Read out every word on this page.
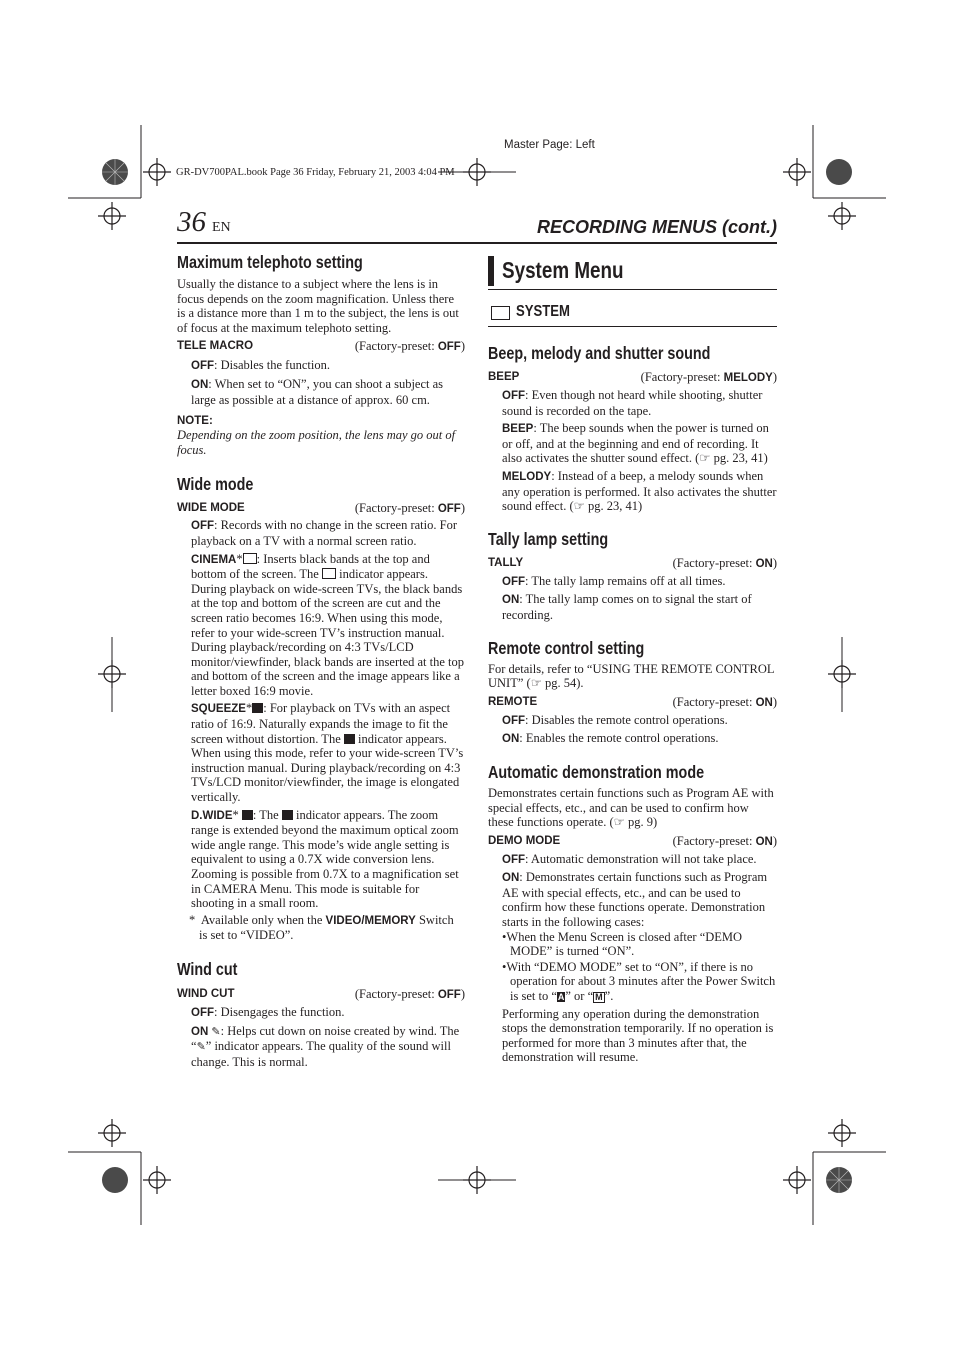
Master Page: Left
GR-DV700PAL.book Page 36 Friday, February 21, 2003 4:04 PM
36 EN	RECORDING MENUS (cont.)
Maximum telephoto setting

Usually the distance to a subject where the lens is in focus depends on the zoom magnification. Unless there is a distance more than 1 m to the subject, the lens is out of focus at the maximum telephoto setting.

TELE MACRO	(Factory-preset: OFF)

OFF: Disables the function.

ON: When set to “ON”, you can shoot a subject as large as possible at a distance of approx. 60 cm.

NOTE:

Depending on the zoom position, the lens may go out of focus.

Wide mode
WIDE MODE	(Factory-preset: OFF)

OFF: Records with no change in the screen ratio. For playback on a TV with a normal screen ratio.

CINEMA* : Inserts black bands at the top and bottom of the screen. The indicator appears. During playback on wide-screen TVs, the black bands at the top and bottom of the screen are cut and the screen ratio becomes 16:9. When using this mode, refer to your wide-screen TV’s instruction manual. During playback/recording on 4:3 TVs/LCD monitor/viewfinder, black bands are inserted at the top and bottom of the screen and the image appears like a letter boxed 16:9 movie.

SQUEEZE* : For playback on TVs with an aspect ratio of 16:9. Naturally expands the image to fit the screen without distortion. The indicator appears. When using this mode, refer to your wide-screen TV’s instruction manual. During playback/recording on 4:3 TVs/LCD monitor/viewfinder, the image is elongated vertically.

D.WIDE* : The indicator appears. The zoom range is extended beyond the maximum optical zoom wide angle range. This mode’s wide angle setting is equivalent to using a 0.7X wide conversion lens. Zooming is possible from 0.7X to a magnification set in CAMERA Menu. This mode is suitable for shooting in a small room.

* Available only when the VIDEO/MEMORY Switch is set to “VIDEO”.

Wind cut
WIND CUT	(Factory-preset: OFF)

OFF: Disengages the function.

ON ✎: Helps cut down on noise created by wind. The “✎” indicator appears. The quality of the sound will change. This is normal.

System Menu
SYSTEM
Beep, melody and shutter sound
BEEP	(Factory-preset: MELODY)

OFF: Even though not heard while shooting, shutter sound is recorded on the tape.

BEEP: The beep sounds when the power is turned on or off, and at the beginning and end of recording. It also activates the shutter sound effect. (☞ pg. 23, 41)

MELODY: Instead of a beep, a melody sounds when any operation is performed. It also activates the shutter sound effect. (☞ pg. 23, 41)

Tally lamp setting
TALLY	(Factory-preset: ON)

OFF: The tally lamp remains off at all times.

ON: The tally lamp comes on to signal the start of recording.

Remote control setting

For details, refer to “USING THE REMOTE CONTROL UNIT” (☞ pg. 54).

REMOTE	(Factory-preset: ON)

OFF: Disables the remote control operations.

ON: Enables the remote control operations.

Automatic demonstration mode

Demonstrates certain functions such as Program AE with special effects, etc., and can be used to confirm how these functions operate. (☞ pg. 9)

DEMO MODE	(Factory-preset: ON)

OFF: Automatic demonstration will not take place.

ON: Demonstrates certain functions such as Program AE with special effects, etc., and can be used to confirm how these functions operate. Demonstration starts in the following cases:

•When the Menu Screen is closed after “DEMO MODE” is turned “ON”.

•With “DEMO MODE” set to “ON”, if there is no operation for about 3 minutes after the Power Switch is set to “A” or “ M ”.

Performing any operation during the demonstration stops the demonstration temporarily. If no operation is performed for more than 3 minutes after that, the demonstration will resume.
